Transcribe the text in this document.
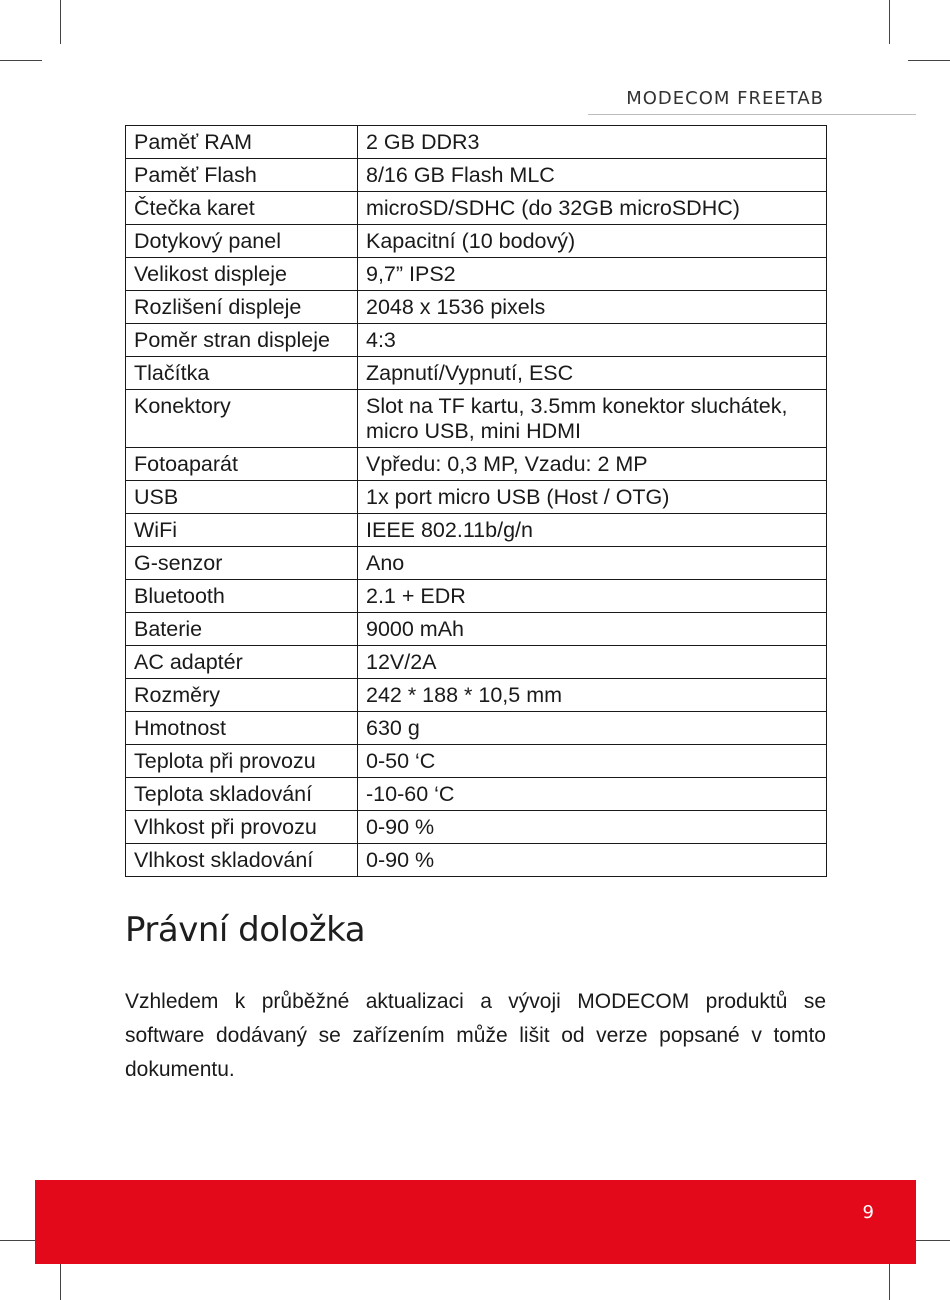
MODECOM FREETAB
Paměť RAM	2 GB DDR3
Paměť Flash	8/16 GB Flash MLC
Čtečka karet	microSD/SDHC (do 32GB microSDHC)
Dotykový panel	Kapacitní (10 bodový)
Velikost displeje	9,7” IPS2
Rozlišení displeje	2048 x 1536 pixels
Poměr stran displeje	4:3
Tlačítka	Zapnutí/Vypnutí, ESC
Konektory	Slot na TF kartu, 3.5mm konektor sluchátek, micro USB, mini HDMI
Fotoaparát	Vpředu: 0,3 MP, Vzadu: 2 MP
USB	1x port micro USB (Host / OTG)
WiFi	IEEE 802.11b/g/n
G-senzor	Ano
Bluetooth	2.1 + EDR
Baterie	9000 mAh
AC adaptér	12V/2A
Rozměry	242 * 188 * 10,5 mm
Hmotnost	630 g
Teplota při provozu	0-50 ‘C
Teplota skladování	-10-60 ‘C
Vlhkost při provozu	0-90 %
Vlhkost skladování	0-90 %
Právní doložka

Vzhledem k průběžné aktualizaci a vývoji MODECOM produktů se software dodávaný se zařízením může lišit od verze popsané v tomto dokumentu.

9
